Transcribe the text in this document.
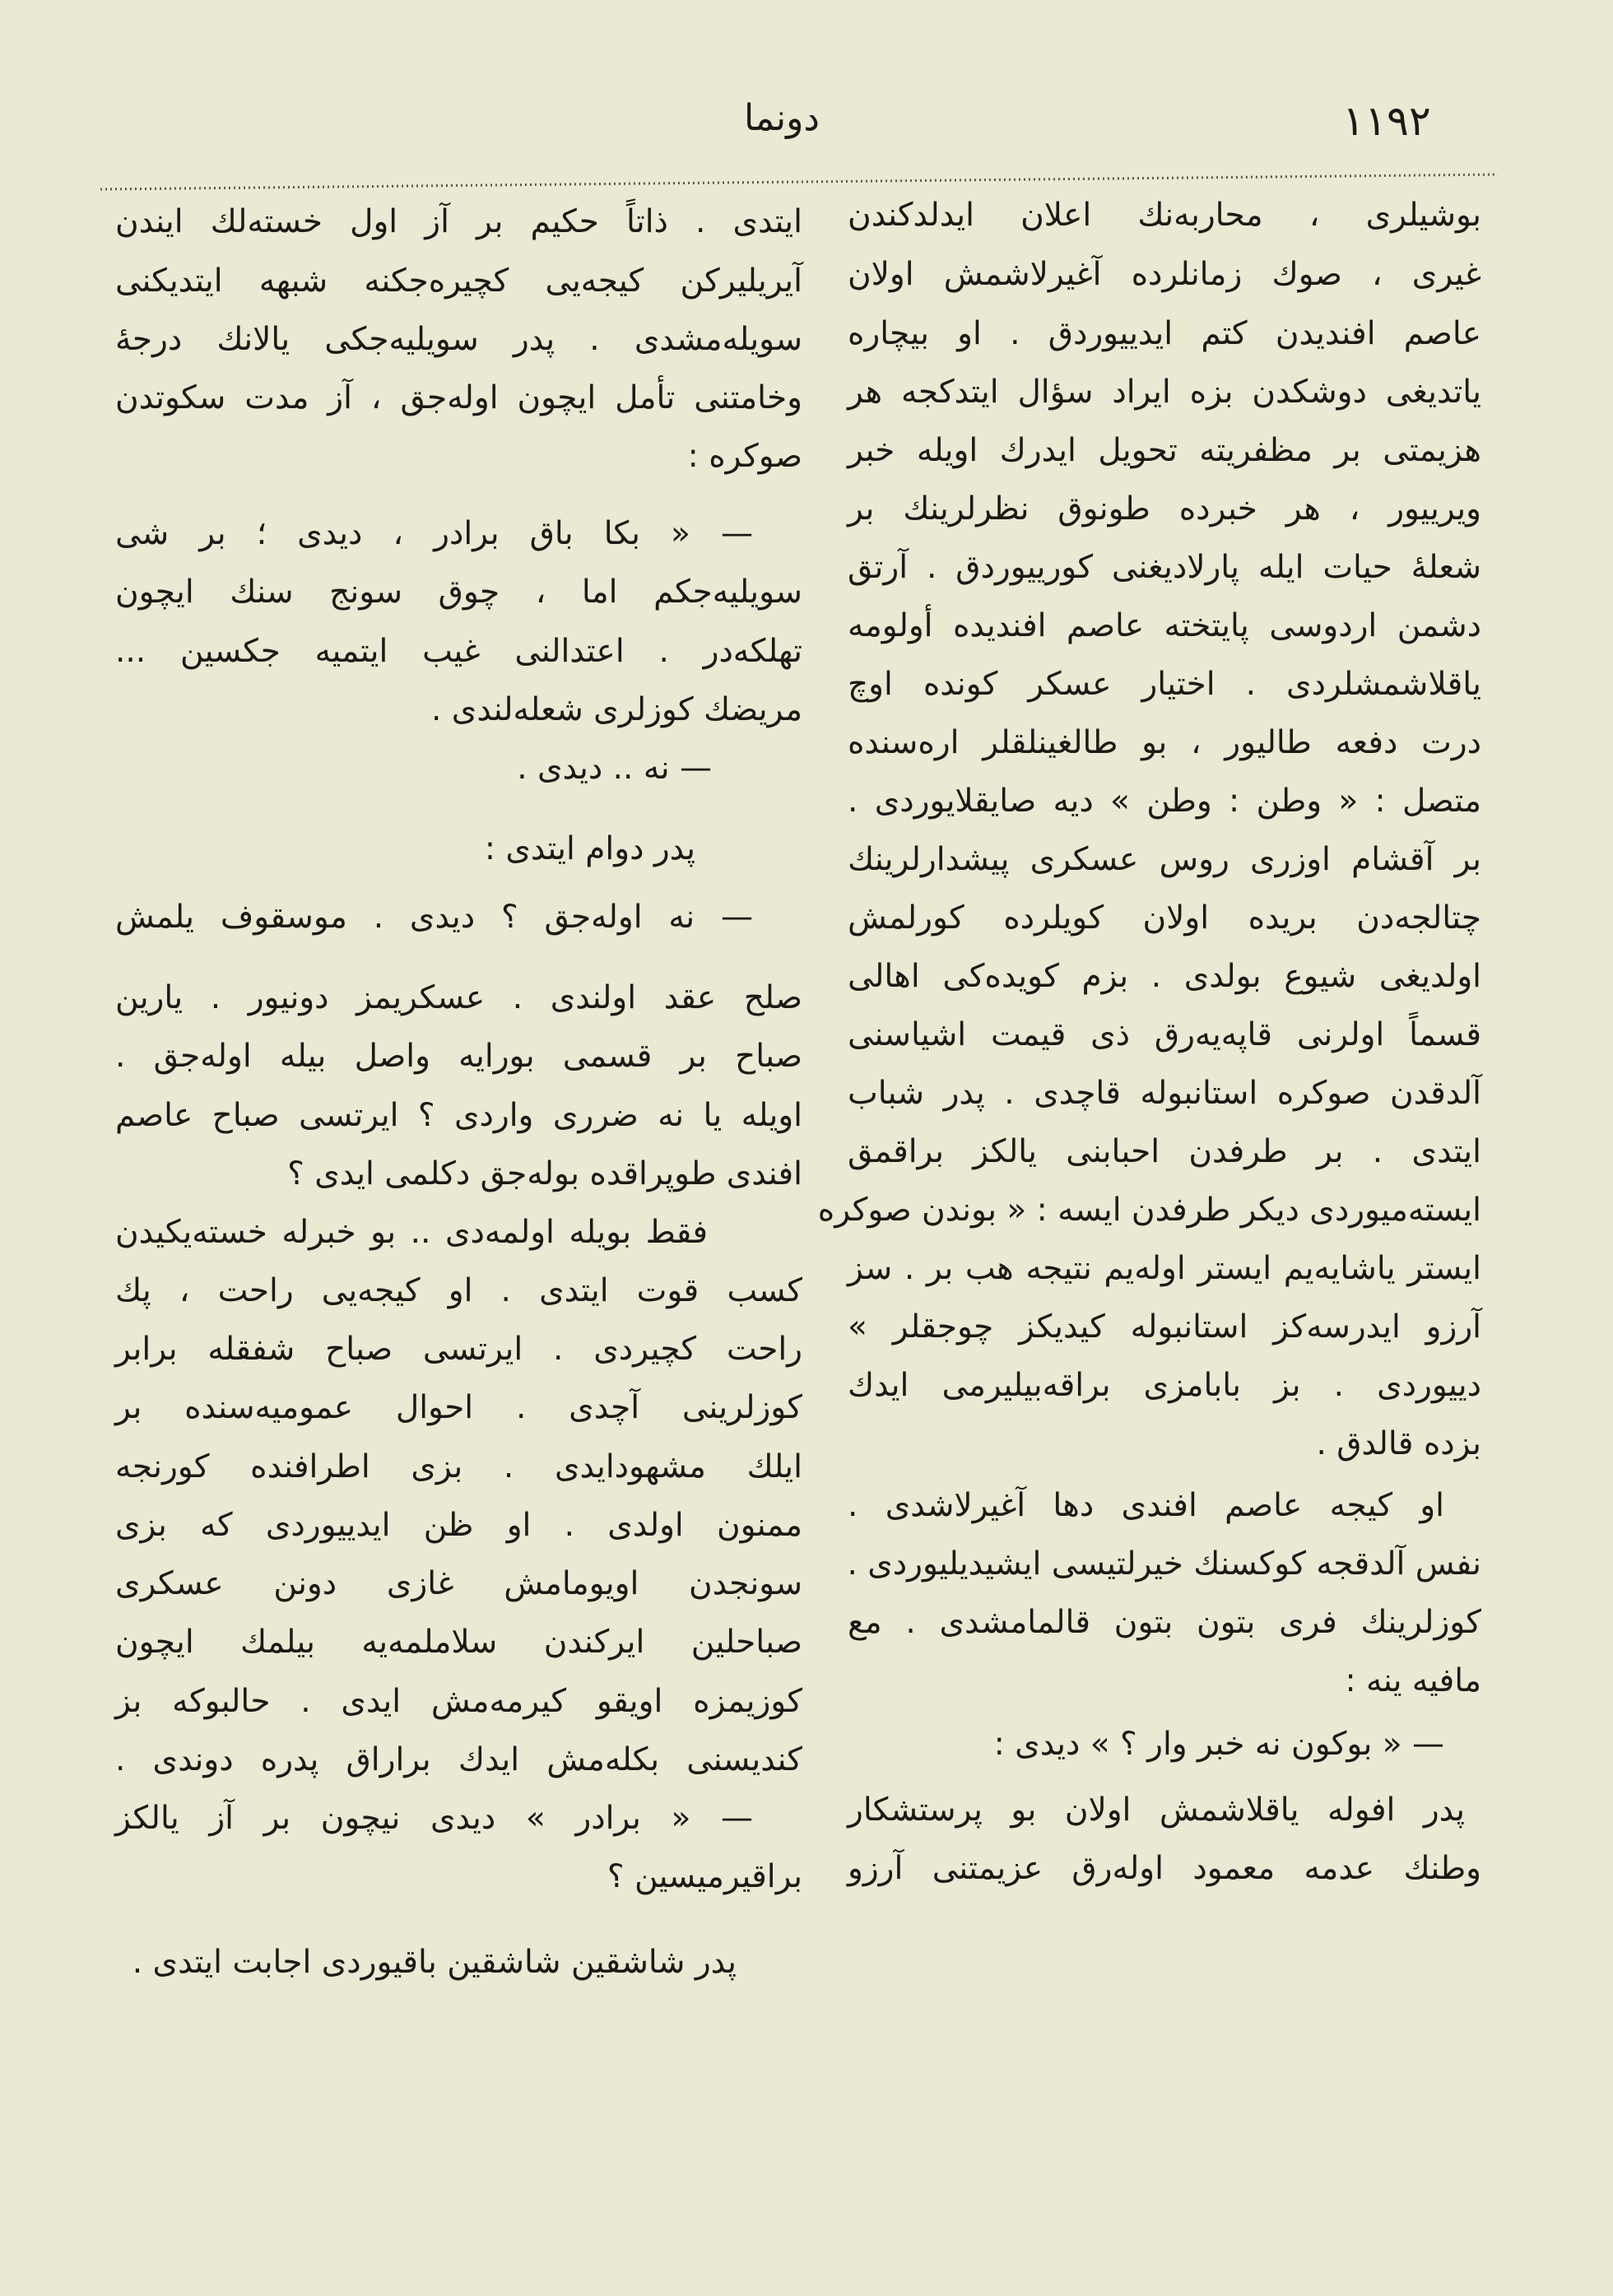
١١٩٢
دونما
بوشیلری ، محاربه‌نك اعلان ایدلدکندن
غیری ، صوك زمانلرده آغیرلاشمش اولان
عاصم افندیدن کتم ایدییوردق . او بیچاره
یاتدیغی دوشکدن بزه ایراد سؤال ایتدکجه هر
هزیمتی بر مظفریته تحویل ایدرك اویله خبر
ویرییور ، هر خبرده طونوق نظرلرینك بر
شعلهٔ حیات ایله پارلادیغنی کورییوردق . آرتق
دشمن اردوسی پایتخته عاصم افندیده أولومه
یاقلاشمشلردی . اختیار عسکر کونده اوچ
درت دفعه طالیور ، بو طالغینلقلر اره‌سنده
متصل : « وطن : وطن » دیه صایقلایوردی .
بر آقشام اوزری روس عسکری پیشدارلرینك
چتالجه‌دن بریده اولان کویلرده کورلمش
اولدیغی شیوع بولدی . بزم کویده‌کی اهالی
قسماً اولرنی قاپه‌یه‌رق ذی قیمت اشیاسنی
آلدقدن صوکره استانبوله قاچدی . پدر شباب
ایتدی . بر طرفدن احبابنی یالکز براقمق
ایسته‌میوردی دیکر طرفدن ایسه : « بوندن صوکره
ایستر یاشایه‌یم ایستر اوله‌یم نتیجه هب بر . سز
آرزو ایدرسه‌کز استانبوله کیدیکز چوجقلر »
دییوردی . بز بابامزی براقه‌بیلیرمی ایدك
بزده قالدق .
او کیجه عاصم افندی دها آغیرلاشدی .
نفس آلدقجه کوکسنك خیرلتیسی ایشیدیلیوردی .
کوزلرینك فری بتون بتون قالمامشدی . مع
مافیه ینه :
— « بوکون نه خبر وار ؟ » دیدی :
پدر افوله یاقلاشمش اولان بو پرستشکار
وطنك عدمه معمود اوله‌رق عزیمتنی آرزو
ایتدی . ذاتاً حکیم بر آز اول خسته‌لك ایندن
آیریلیرکن کیجه‌یی کچیره‌جکنه شبهه ایتدیکنی
سویله‌مشدی . پدر سویلیه‌جکی یالانك درجهٔ
وخامتنی تأمل ایچون اوله‌جق ، آز مدت سکوتدن
صوکره :
— « بکا باق برادر ، دیدی ؛ بر شی
سویلیه‌جکم اما ، چوق سونج سنك ایچون
تهلکه‌در . اعتدالنی غیب ایتمیه جکسین ...
مریضك کوزلری شعله‌لندی .
— نه .. دیدی .
پدر دوام ایتدی :
— نه اوله‌جق ؟ دیدی . موسقوف یلمش
صلح عقد اولندی . عسکریمز دونیور . یارین
صباح بر قسمی بورایه واصل بیله اوله‌جق .
اویله یا نه ضرری واردی ؟ ایرتسی صباح عاصم
افندی طوپراقده بوله‌جق دکلمی ایدی ؟
فقط بویله اولمه‌دی .. بو خبرله خسته‌یکیدن
کسب قوت ایتدی . او کیجه‌یی راحت ، پك
راحت کچیردی . ایرتسی صباح شفقله برابر
کوزلرینی آچدی . احوال عمومیه‌سنده بر
ایلك مشهودایدی . بزی اطرافنده کورنجه
ممنون اولدی . او ظن ایدییوردی که بزی
سونجدن اویومامش غازی دونن عسکری
صباحلین ایرکندن سلاملمه‌یه بیلمك ایچون
کوزیمزه اویقو کیرمه‌مش ایدی . حالبوکه بز
کندیسنی بکله‌مش ایدك براراق پدره دوندی .
— « برادر » دیدی نیچون بر آز یالکز
براقیرمیسین ؟
پدر شاشقین شاشقین باقیوردی اجابت ایتدی .
